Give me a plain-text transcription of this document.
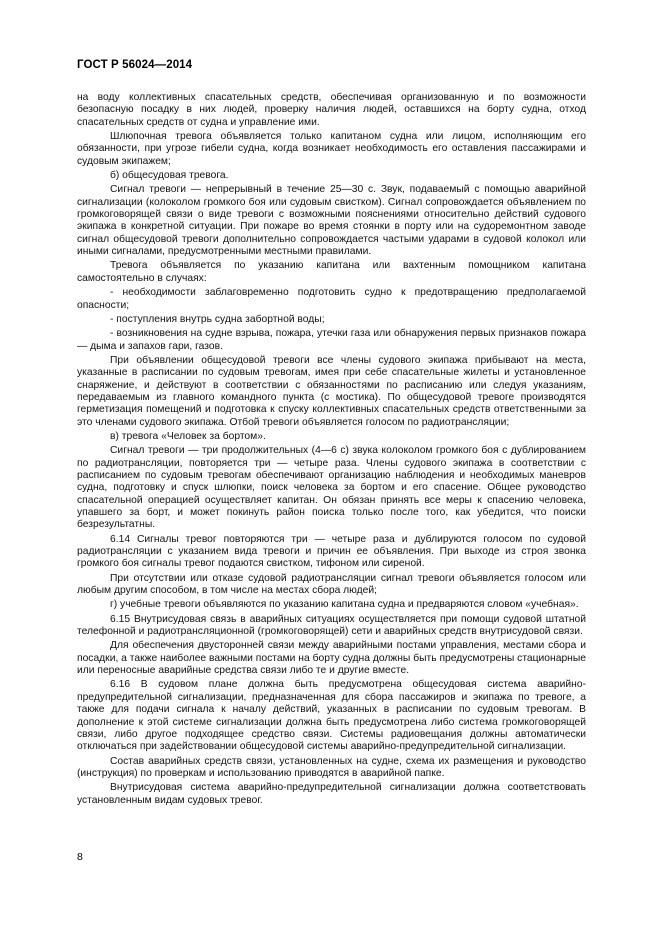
ГОСТ Р 56024—2014

на воду коллективных спасательных средств, обеспечивая организованную и по возможности безопасную посадку в них людей, проверку наличия людей, оставшихся на борту судна, отход спасательных средств от судна и управление ими.

Шлюпочная тревога объявляется только капитаном судна или лицом, исполняющим его обязанности, при угрозе гибели судна, когда возникает необходимость его оставления пассажирами и судовым экипажем;

б) общесудовая тревога.

Сигнал тревоги — непрерывный в течение 25—30 с. Звук, подаваемый с помощью аварийной сигнализации (колоколом громкого боя или судовым свистком). Сигнал сопровождается объявлением по громкоговорящей связи о виде тревоги с возможными пояснениями относительно действий судового экипажа в конкретной ситуации. При пожаре во время стоянки в порту или на судоремонтном заводе сигнал общесудовой тревоги дополнительно сопровождается частыми ударами в судовой колокол или иными сигналами, предусмотренными местными правилами.

Тревога объявляется по указанию капитана или вахтенным помощником капитана самостоятельно в случаях:

- необходимости заблаговременно подготовить судно к предотвращению предполагаемой опасности;

- поступления внутрь судна забортной воды;

- возникновения на судне взрыва, пожара, утечки газа или обнаружения первых признаков пожара — дыма и запахов гари, газов.

При объявлении общесудовой тревоги все члены судового экипажа прибывают на места, указанные в расписании по судовым тревогам, имея при себе спасательные жилеты и установленное снаряжение, и действуют в соответствии с обязанностями по расписанию или следуя указаниям, передаваемым из главного командного пункта (с мостика). По общесудовой тревоге производятся герметизация помещений и подготовка к спуску коллективных спасательных средств ответственными за это членами судового экипажа. Отбой тревоги объявляется голосом по радиотрансляции;

в) тревога «Человек за бортом».

Сигнал тревоги — три продолжительных (4—6 с) звука колоколом громкого боя с дублированием по радиотрансляции, повторяется три — четыре раза. Члены судового экипажа в соответствии с расписанием по судовым тревогам обеспечивают организацию наблюдения и необходимых маневров судна, подготовку и спуск шлюпки, поиск человека за бортом и его спасение. Общее руководство спасательной операцией осуществляет капитан. Он обязан принять все меры к спасению человека, упавшего за борт, и может покинуть район поиска только после того, как убедится, что поиски безрезультатны.

6.14 Сигналы тревог повторяются три — четыре раза и дублируются голосом по судовой радиотрансляции с указанием вида тревоги и причин ее объявления. При выходе из строя звонка громкого боя сигналы тревог подаются свистком, тифоном или сиреной.

При отсутствии или отказе судовой радиотрансляции сигнал тревоги объявляется голосом или любым другим способом, в том числе на местах сбора людей;

г) учебные тревоги объявляются по указанию капитана судна и предваряются словом «учебная».

6.15 Внутрисудовая связь в аварийных ситуациях осуществляется при помощи судовой штатной телефонной и радиотрансляционной (громкоговорящей) сети и аварийных средств внутрисудовой связи.

Для обеспечения двусторонней связи между аварийными постами управления, местами сбора и посадки, а также наиболее важными постами на борту судна должны быть предусмотрены стационарные или переносные аварийные средства связи либо те и другие вместе.

6.16 В судовом плане должна быть предусмотрена общесудовая система аварийно-предупредительной сигнализации, предназначенная для сбора пассажиров и экипажа по тревоге, а также для подачи сигнала к началу действий, указанных в расписании по судовым тревогам. В дополнение к этой системе сигнализации должна быть предусмотрена либо система громкоговорящей связи, либо другое подходящее средство связи. Системы радиовещания должны автоматически отключаться при задействовании общесудовой системы аварийно-предупредительной сигнализации.

Состав аварийных средств связи, установленных на судне, схема их размещения и руководство (инструкция) по проверкам и использованию приводятся в аварийной папке.

Внутрисудовая система аварийно-предупредительной сигнализации должна соответствовать установленным видам судовых тревог.

8
